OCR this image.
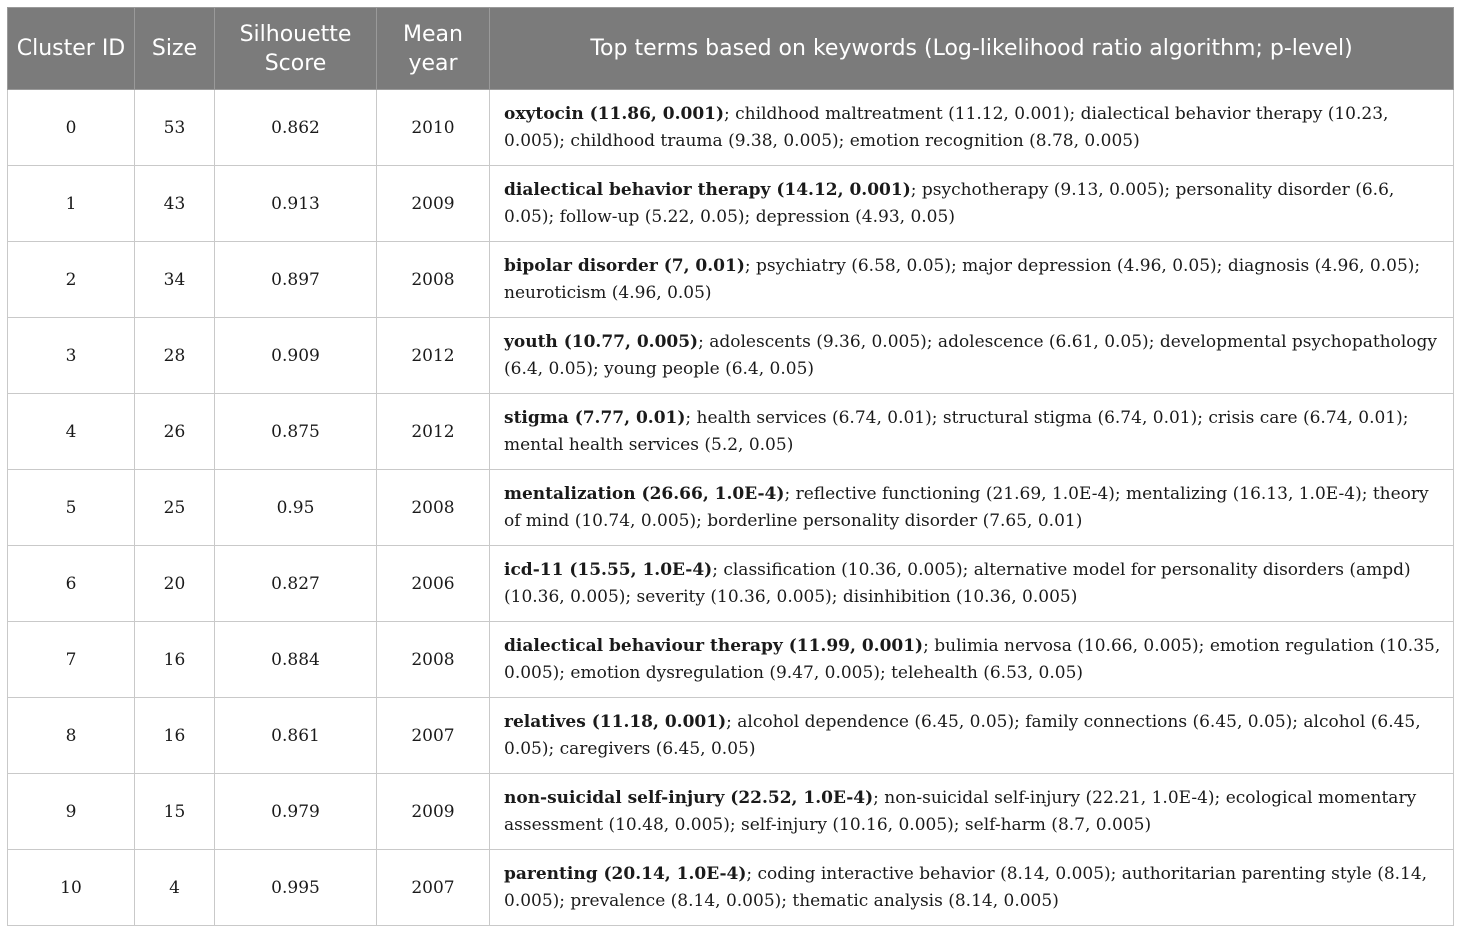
Cluster ID	Size	Silhouette Score	Mean year	Top terms based on keywords (Log-likelihood ratio algorithm; p-level)
0	53	0.862	2010	oxytocin (11.86, 0.001); childhood maltreatment (11.12, 0.001); dialectical behavior therapy (10.23, 0.005); childhood trauma (9.38, 0.005); emotion recognition (8.78, 0.005)
1	43	0.913	2009	dialectical behavior therapy (14.12, 0.001); psychotherapy (9.13, 0.005); personality disorder (6.6, 0.05); follow-up (5.22, 0.05); depression (4.93, 0.05)
2	34	0.897	2008	bipolar disorder (7, 0.01); psychiatry (6.58, 0.05); major depression (4.96, 0.05); diagnosis (4.96, 0.05); neuroticism (4.96, 0.05)
3	28	0.909	2012	youth (10.77, 0.005); adolescents (9.36, 0.005); adolescence (6.61, 0.05); developmental psychopathology (6.4, 0.05); young people (6.4, 0.05)
4	26	0.875	2012	stigma (7.77, 0.01); health services (6.74, 0.01); structural stigma (6.74, 0.01); crisis care (6.74, 0.01); mental health services (5.2, 0.05)
5	25	0.95	2008	mentalization (26.66, 1.0E-4); reflective functioning (21.69, 1.0E-4); mentalizing (16.13, 1.0E-4); theory of mind (10.74, 0.005); borderline personality disorder (7.65, 0.01)
6	20	0.827	2006	icd-11 (15.55, 1.0E-4); classification (10.36, 0.005); alternative model for personality disorders (ampd) (10.36, 0.005); severity (10.36, 0.005); disinhibition (10.36, 0.005)
7	16	0.884	2008	dialectical behaviour therapy (11.99, 0.001); bulimia nervosa (10.66, 0.005); emotion regulation (10.35, 0.005); emotion dysregulation (9.47, 0.005); telehealth (6.53, 0.05)
8	16	0.861	2007	relatives (11.18, 0.001); alcohol dependence (6.45, 0.05); family connections (6.45, 0.05); alcohol (6.45, 0.05); caregivers (6.45, 0.05)
9	15	0.979	2009	non-suicidal self-injury (22.52, 1.0E-4); non-suicidal self-injury (22.21, 1.0E-4); ecological momentary assessment (10.48, 0.005); self-injury (10.16, 0.005); self-harm (8.7, 0.005)
10	4	0.995	2007	parenting (20.14, 1.0E-4); coding interactive behavior (8.14, 0.005); authoritarian parenting style (8.14, 0.005); prevalence (8.14, 0.005); thematic analysis (8.14, 0.005)
